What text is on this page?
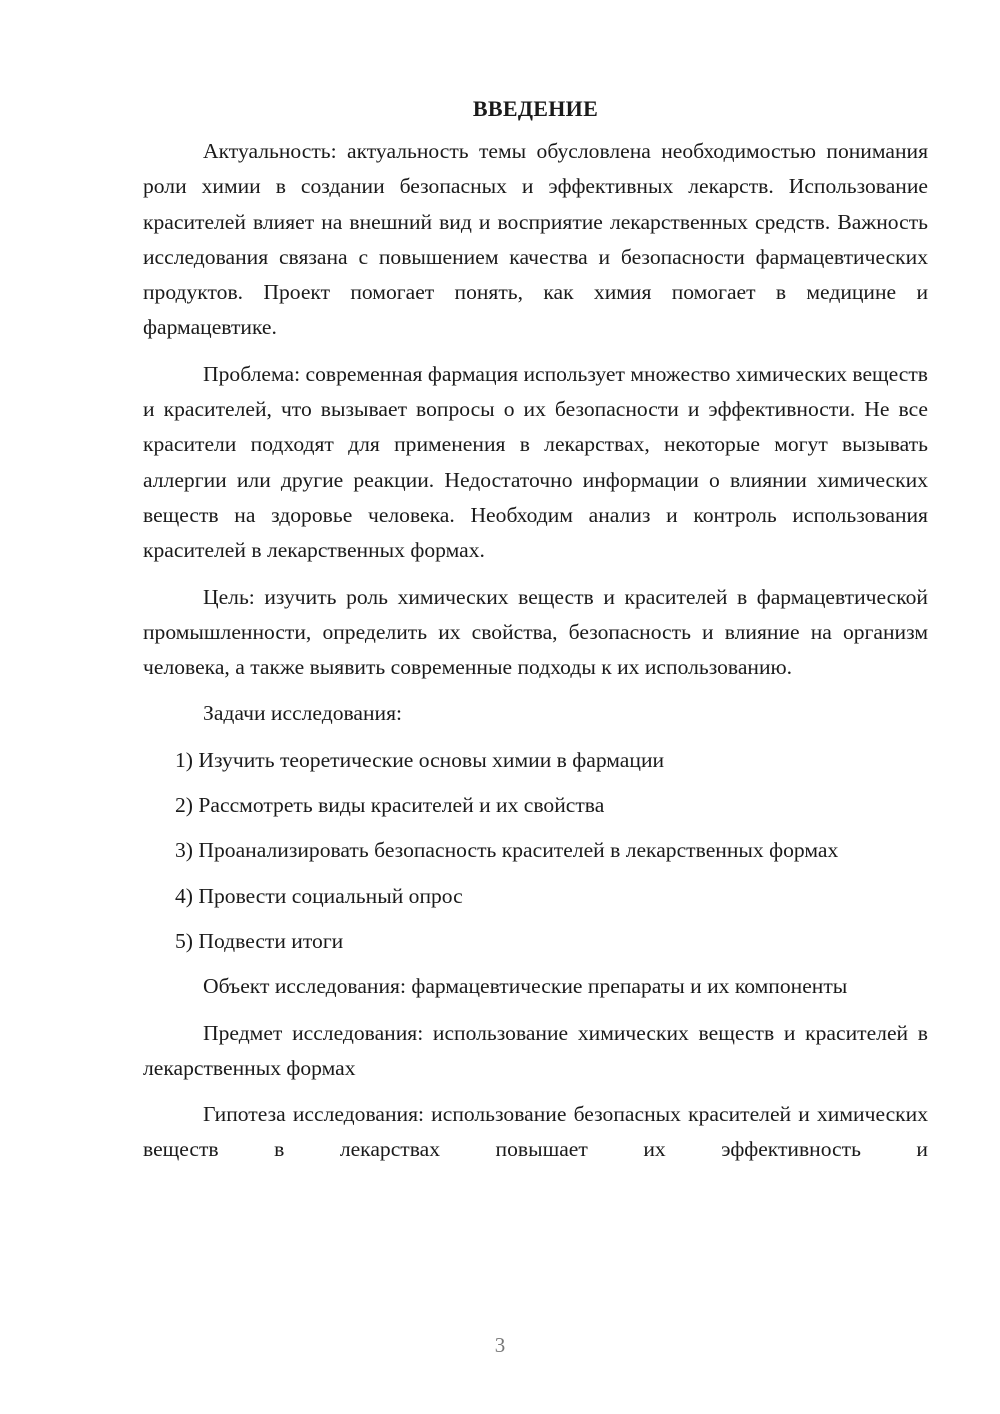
ВВЕДЕНИЕ

Актуальность: актуальность темы обусловлена необходимостью понимания роли химии в создании безопасных и эффективных лекарств. Использование красителей влияет на внешний вид и восприятие лекарственных средств. Важность исследования связана с повышением качества и безопасности фармацевтических продуктов. Проект помогает понять, как химия помогает в медицине и фармацевтике.

Проблема: современная фармация использует множество химических веществ и красителей, что вызывает вопросы о их безопасности и эффективности. Не все красители подходят для применения в лекарствах, некоторые могут вызывать аллергии или другие реакции. Недостаточно информации о влиянии химических веществ на здоровье человека. Необходим анализ и контроль использования красителей в лекарственных формах.

Цель: изучить роль химических веществ и красителей в фармацевтической промышленности, определить их свойства, безопасность и влияние на организм человека, а также выявить современные подходы к их использованию.

Задачи исследования:

1) Изучить теоретические основы химии в фармации

2) Рассмотреть виды красителей и их свойства

3) Проанализировать безопасность красителей в лекарственных формах

4) Провести социальный опрос

5) Подвести итоги

Объект исследования: фармацевтические препараты и их компоненты

Предмет исследования: использование химических веществ и красителей в лекарственных формах

Гипотеза исследования: использование безопасных красителей и химических веществ в лекарствах повышает их эффективность и

3
